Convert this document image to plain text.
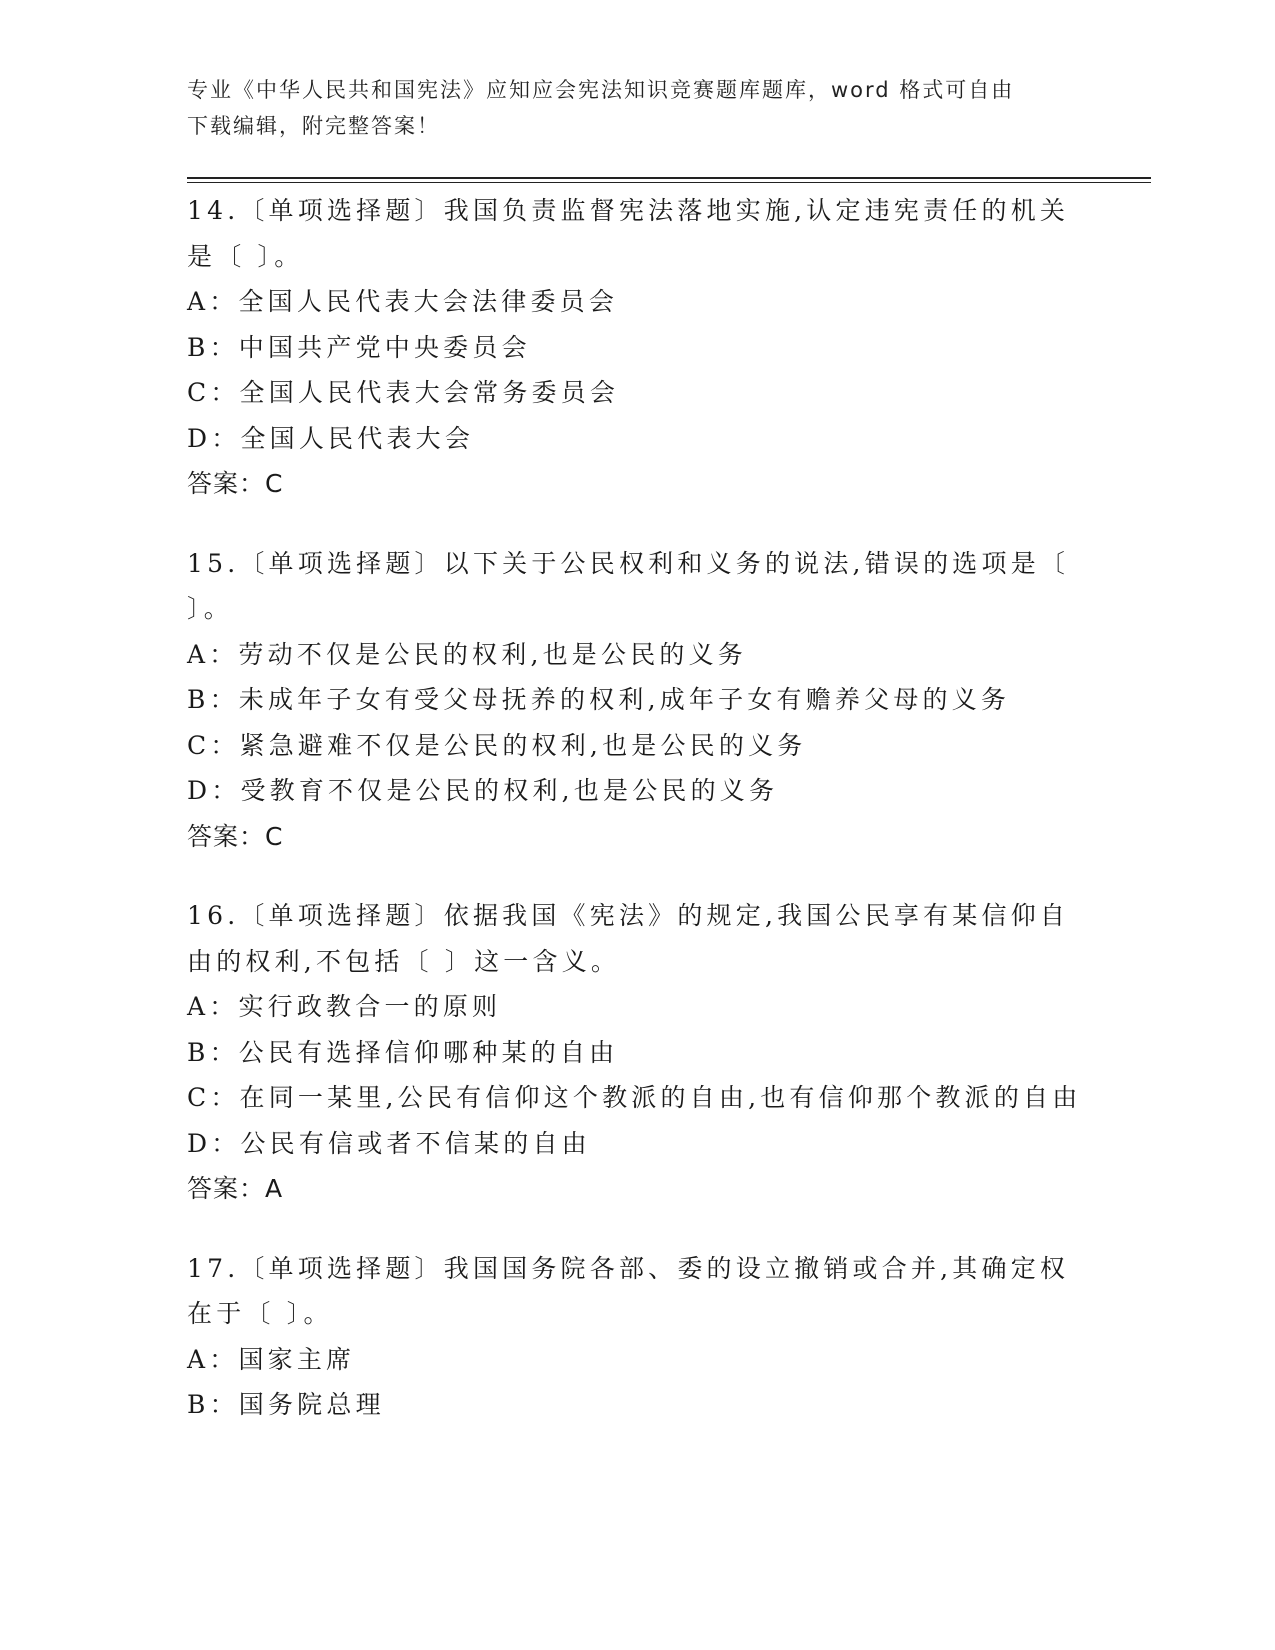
专业《中华人民共和国宪法》应知应会宪法知识竞赛题库题库，word 格式可自由
下载编辑，附完整答案！
14.〔单项选择题〕我国负责监督宪法落地实施,认定违宪责任的机关
是〔 〕。
A：全国人民代表大会法律委员会
B：中国共产党中央委员会
C：全国人民代表大会常务委员会
D：全国人民代表大会
答案：C
15.〔单项选择题〕以下关于公民权利和义务的说法,错误的选项是〔
〕。
A：劳动不仅是公民的权利,也是公民的义务
B：未成年子女有受父母抚养的权利,成年子女有赡养父母的义务
C：紧急避难不仅是公民的权利,也是公民的义务
D：受教育不仅是公民的权利,也是公民的义务
答案：C
16.〔单项选择题〕依据我国《宪法》的规定,我国公民享有某信仰自
由的权利,不包括〔 〕这一含义。
A：实行政教合一的原则
B：公民有选择信仰哪种某的自由
C：在同一某里,公民有信仰这个教派的自由,也有信仰那个教派的自由
D：公民有信或者不信某的自由
答案：A
17.〔单项选择题〕我国国务院各部、委的设立撤销或合并,其确定权
在于〔 〕。
A：国家主席
B：国务院总理
